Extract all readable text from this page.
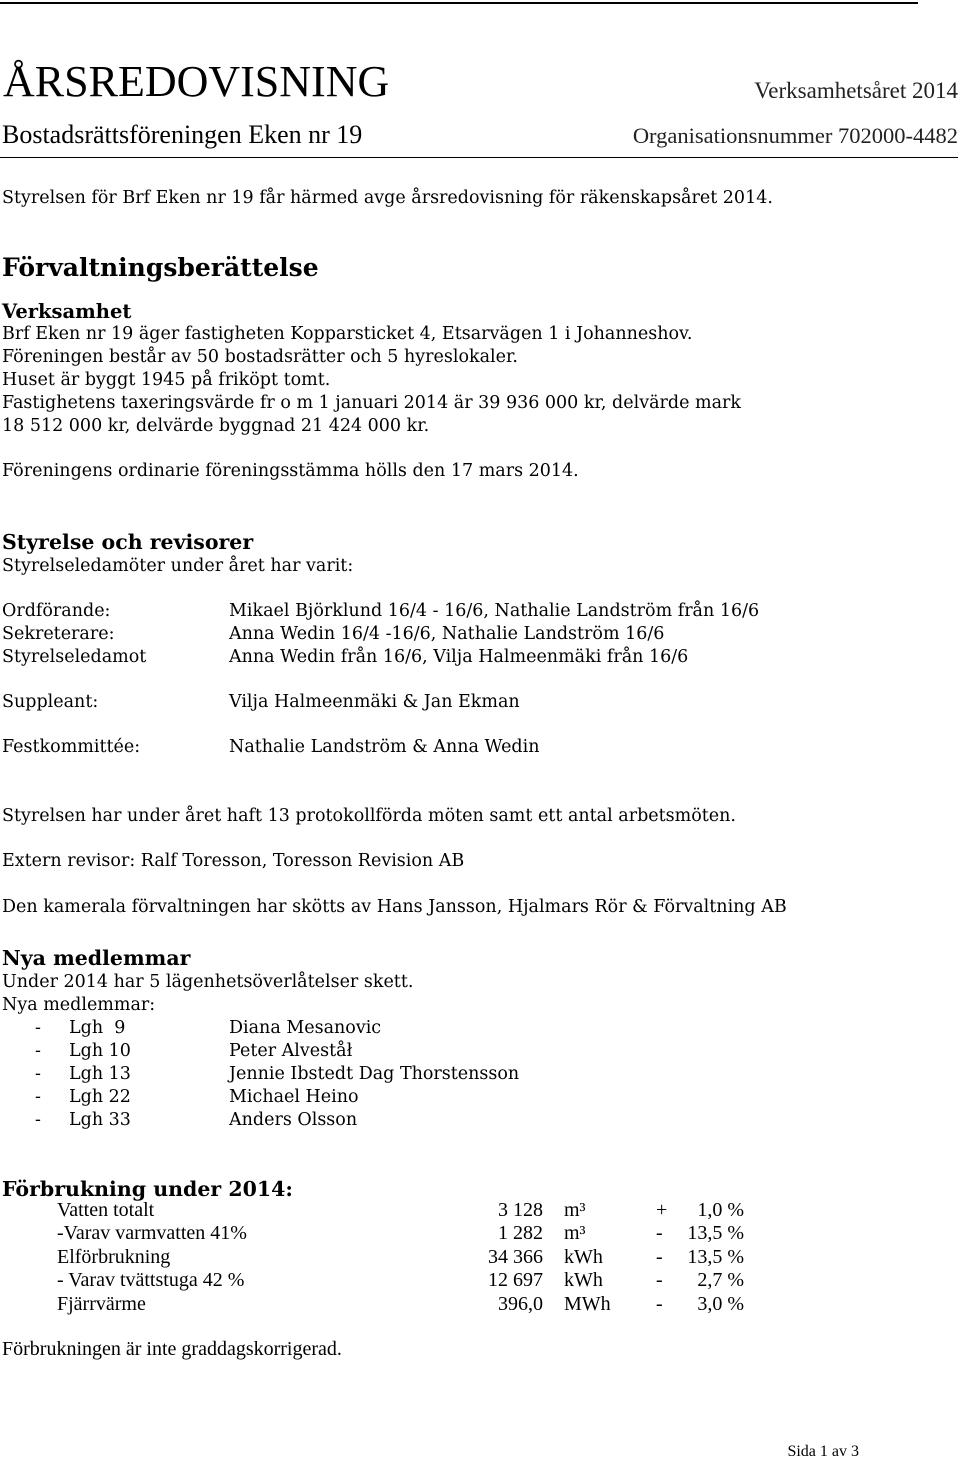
ÅRSREDOVISNING	Verksamhetsåret 2014
Bostadsrättsföreningen Eken nr 19	Organisationsnummer 702000-4482
Styrelsen för Brf Eken nr 19 får härmed avge årsredovisning för räkenskapsåret 2014.
Förvaltningsberättelse
Verksamhet
Brf Eken nr 19 äger fastigheten Kopparsticket 4, Etsarvägen 1 i Johanneshov.
Föreningen består av 50 bostadsrätter och 5 hyreslokaler.
Huset är byggt 1945 på friköpt tomt.
Fastighetens taxeringsvärde fr o m 1 januari 2014 är 39 936 000 kr, delvärde mark
18 512 000 kr, delvärde byggnad 21 424 000 kr.
Föreningens ordinarie föreningsstämma hölls den 17 mars 2014.
Styrelse och revisorer
Styrelseledamöter under året har varit:
Ordförande:	Mikael Björklund 16/4 - 16/6, Nathalie Landström från 16/6
Sekreterare:	Anna Wedin 16/4 -16/6, Nathalie Landström 16/6
Styrelseledamot	Anna Wedin från 16/6, Vilja Halmeenmäki från 16/6
Suppleant:	Vilja Halmeenmäki & Jan Ekman
Festkommittée:	Nathalie Landström & Anna Wedin
Styrelsen har under året haft 13 protokollförda möten samt ett antal arbetsmöten.
Extern revisor: Ralf Toresson, Toresson Revision AB
Den kamerala förvaltningen har skötts av Hans Jansson, Hjalmars Rör & Förvaltning AB
Nya medlemmar
Under 2014 har 5 lägenhetsöverlåtelser skett.
Nya medlemmar:
- Lgh  9	Diana Mesanovic
- Lgh 10	Peter Alveståł
- Lgh 13	Jennie Ibstedt Dag Thorstensson
- Lgh 22	Michael Heino
- Lgh 33	Anders Olsson
Förbrukning under 2014:
Vatten totalt	3 128 m³	+ 1,0 %
-Varav varmvatten 41%	1 282 m³	- 13,5 %
Elförbrukning	34 366 kWh	- 13,5 %
- Varav tvättstuga 42 %	12 697 kWh	- 2,7 %
Fjärrvärme	396,0 MWh - 3,0 %
Förbrukningen är inte graddagskorrigerad.
Sida 1 av 3
